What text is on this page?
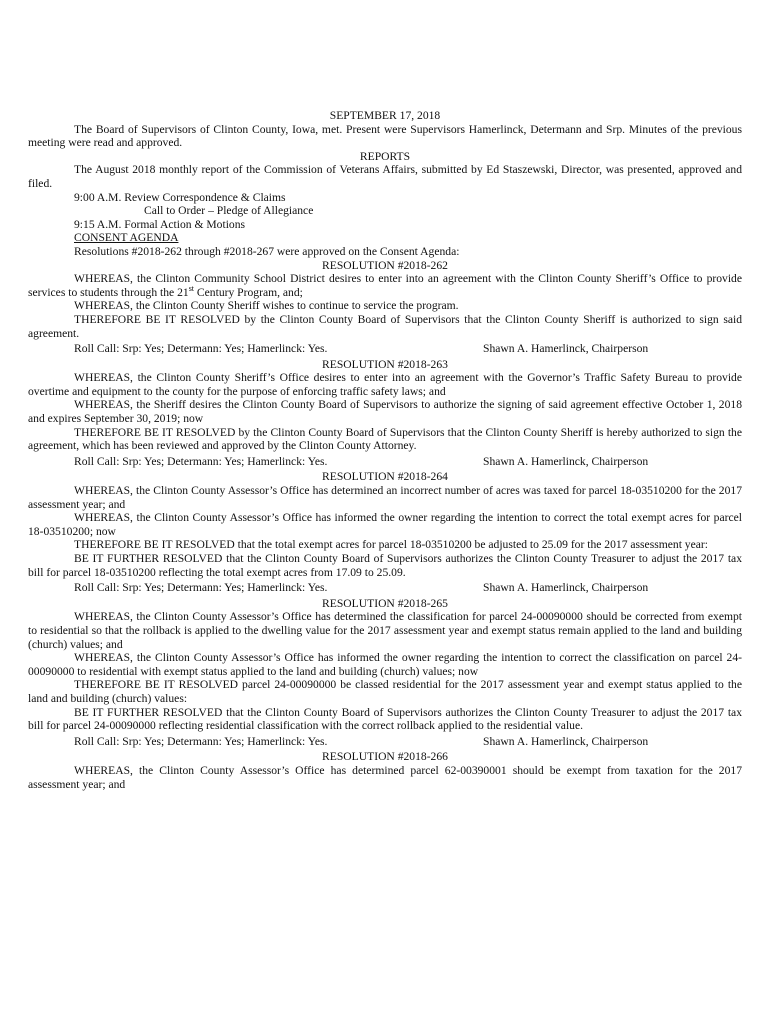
SEPTEMBER 17, 2018

The Board of Supervisors of Clinton County, Iowa, met. Present were Supervisors Hamerlinck, Determann and Srp. Minutes of the previous meeting were read and approved.

REPORTS

The August 2018 monthly report of the Commission of Veterans Affairs, submitted by Ed Staszewski, Director, was presented, approved and filed.

9:00 A.M. Review Correspondence & Claims
Call to Order – Pledge of Allegiance
9:15 A.M. Formal Action & Motions

CONSENT AGENDA

Resolutions #2018-262 through #2018-267 were approved on the Consent Agenda:

RESOLUTION #2018-262

WHEREAS, the Clinton Community School District desires to enter into an agreement with the Clinton County Sheriff’s Office to provide services to students through the 21st Century Program, and;

WHEREAS, the Clinton County Sheriff wishes to continue to service the program.

THEREFORE BE IT RESOLVED by the Clinton County Board of Supervisors that the Clinton County Sheriff is authorized to sign said agreement.

Roll Call: Srp: Yes; Determann: Yes; Hamerlinck: Yes.	Shawn A. Hamerlinck, Chairperson

RESOLUTION #2018-263

WHEREAS, the Clinton County Sheriff’s Office desires to enter into an agreement with the Governor’s Traffic Safety Bureau to provide overtime and equipment to the county for the purpose of enforcing traffic safety laws; and

WHEREAS, the Sheriff desires the Clinton County Board of Supervisors to authorize the signing of said agreement effective October 1, 2018 and expires September 30, 2019; now

THEREFORE BE IT RESOLVED by the Clinton County Board of Supervisors that the Clinton County Sheriff is hereby authorized to sign the agreement, which has been reviewed and approved by the Clinton County Attorney.

Roll Call: Srp: Yes; Determann: Yes; Hamerlinck: Yes.	Shawn A. Hamerlinck, Chairperson

RESOLUTION #2018-264

WHEREAS, the Clinton County Assessor’s Office has determined an incorrect number of acres was taxed for parcel 18-03510200 for the 2017 assessment year; and

WHEREAS, the Clinton County Assessor’s Office has informed the owner regarding the intention to correct the total exempt acres for parcel 18-03510200; now

THEREFORE BE IT RESOLVED that the total exempt acres for parcel 18-03510200 be adjusted to 25.09 for the 2017 assessment year:

BE IT FURTHER RESOLVED that the Clinton County Board of Supervisors authorizes the Clinton County Treasurer to adjust the 2017 tax bill for parcel 18-03510200 reflecting the total exempt acres from 17.09 to 25.09.

Roll Call: Srp: Yes; Determann: Yes; Hamerlinck: Yes.	Shawn A. Hamerlinck, Chairperson

RESOLUTION #2018-265

WHEREAS, the Clinton County Assessor’s Office has determined the classification for parcel 24-00090000 should be corrected from exempt to residential so that the rollback is applied to the dwelling value for the 2017 assessment year and exempt status remain applied to the land and building (church) values; and

WHEREAS, the Clinton County Assessor’s Office has informed the owner regarding the intention to correct the classification on parcel 24-00090000 to residential with exempt status applied to the land and building (church) values; now

THEREFORE BE IT RESOLVED parcel 24-00090000 be classed residential for the 2017 assessment year and exempt status applied to the land and building (church) values:

BE IT FURTHER RESOLVED that the Clinton County Board of Supervisors authorizes the Clinton County Treasurer to adjust the 2017 tax bill for parcel 24-00090000 reflecting residential classification with the correct rollback applied to the residential value.

Roll Call: Srp: Yes; Determann: Yes; Hamerlinck: Yes.	Shawn A. Hamerlinck, Chairperson

RESOLUTION #2018-266

WHEREAS, the Clinton County Assessor’s Office has determined parcel 62-00390001 should be exempt from taxation for the 2017 assessment year; and
